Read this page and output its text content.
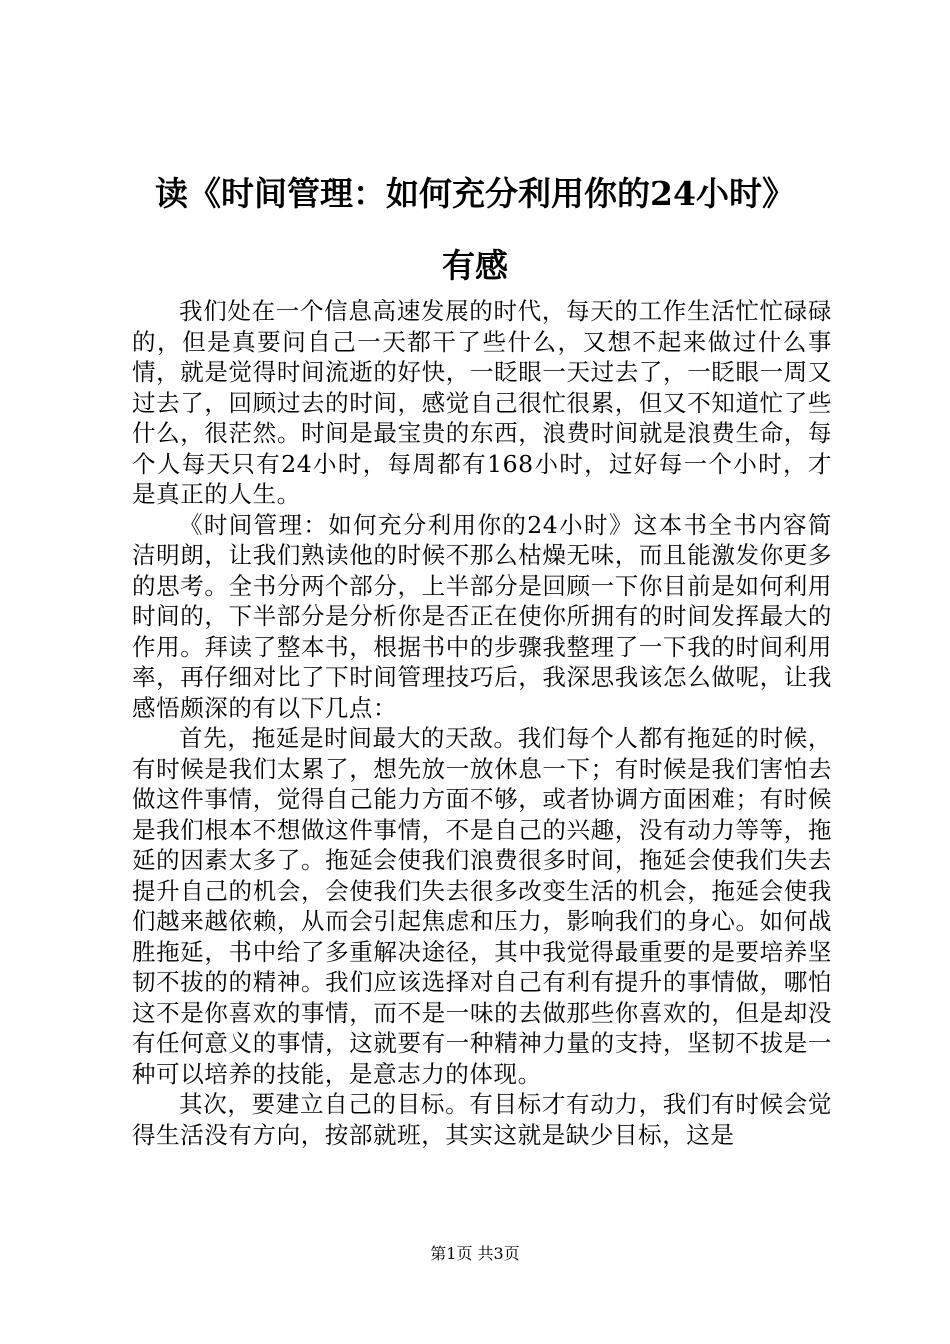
读《时间管理：如何充分利用你的24小时》
有感

我们处在一个信息高速发展的时代，每天的工作生活忙忙碌碌的，但是真要问自己一天都干了些什么，又想不起来做过什么事情，就是觉得时间流逝的好快，一眨眼一天过去了，一眨眼一周又过去了，回顾过去的时间，感觉自己很忙很累，但又不知道忙了些什么，很茫然。时间是最宝贵的东西，浪费时间就是浪费生命，每个人每天只有24小时，每周都有168小时，过好每一个小时，才是真正的人生。

《时间管理：如何充分利用你的24小时》这本书全书内容简洁明朗，让我们熟读他的时候不那么枯燥无味，而且能激发你更多的思考。全书分两个部分，上半部分是回顾一下你目前是如何利用时间的，下半部分是分析你是否正在使你所拥有的时间发挥最大的作用。拜读了整本书，根据书中的步骤我整理了一下我的时间利用率，再仔细对比了下时间管理技巧后，我深思我该怎么做呢，让我感悟颇深的有以下几点：

首先，拖延是时间最大的天敌。我们每个人都有拖延的时候，有时候是我们太累了，想先放一放休息一下；有时候是我们害怕去做这件事情，觉得自己能力方面不够，或者协调方面困难；有时候是我们根本不想做这件事情，不是自己的兴趣，没有动力等等，拖延的因素太多了。拖延会使我们浪费很多时间，拖延会使我们失去提升自己的机会，会使我们失去很多改变生活的机会，拖延会使我们越来越依赖，从而会引起焦虑和压力，影响我们的身心。如何战胜拖延，书中给了多重解决途径，其中我觉得最重要的是要培养坚韧不拔的的精神。我们应该选择对自己有利有提升的事情做，哪怕这不是你喜欢的事情，而不是一味的去做那些你喜欢的，但是却没有任何意义的事情，这就要有一种精神力量的支持，坚韧不拔是一种可以培养的技能，是意志力的体现。

其次，要建立自己的目标。有目标才有动力，我们有时候会觉得生活没有方向，按部就班，其实这就是缺少目标，这是

第1页 共3页
